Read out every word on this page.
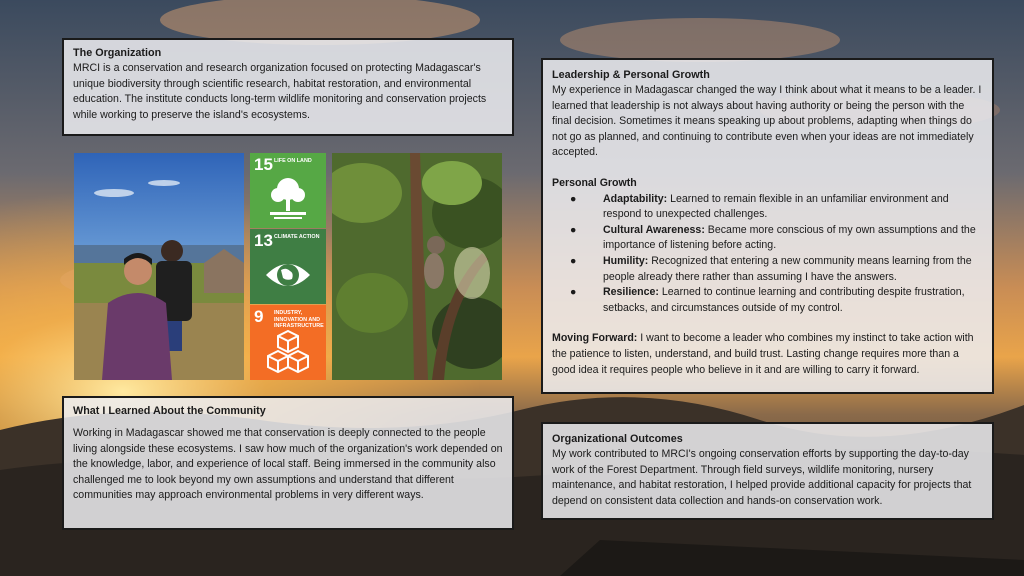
The Organization

MRCI is a conservation and research organization focused on protecting Madagascar's unique biodiversity through scientific research, habitat restoration, and environmental education. The institute conducts long-term wildlife monitoring and conservation projects while working to preserve the island's ecosystems.

15 LIFE ON LAND
13 CLIMATE ACTION
9 INDUSTRY, INNOVATION AND INFRASTRUCTURE
What I Learned About the Community

Working in Madagascar showed me that conservation is deeply connected to the people living alongside these ecosystems. I saw how much of the organization's work depended on the knowledge, labor, and experience of local staff. Being immersed in the community also challenged me to look beyond my own assumptions and understand that different communities may approach environmental problems in very different ways.

Leadership & Personal Growth

My experience in Madagascar changed the way I think about what it means to be a leader. I learned that leadership is not always about having authority or being the person with the final decision. Sometimes it means speaking up about problems, adapting when things do not go as planned, and continuing to contribute even when your ideas are not immediately accepted.

Personal Growth
●	Adaptability: Learned to remain flexible in an unfamiliar environment and respond to unexpected challenges.
●	Cultural Awareness: Became more conscious of my own assumptions and the importance of listening before acting.
●	Humility: Recognized that entering a new community means learning from the people already there rather than assuming I have the answers.
●	Resilience: Learned to continue learning and contributing despite frustration, setbacks, and circumstances outside of my control.

Moving Forward: I want to become a leader who combines my instinct to take action with the patience to listen, understand, and build trust. Lasting change requires more than a good idea it requires people who believe in it and are willing to carry it forward.

Organizational Outcomes

My work contributed to MRCI's ongoing conservation efforts by supporting the day-to-day work of the Forest Department. Through field surveys, wildlife monitoring, nursery maintenance, and habitat restoration, I helped provide additional capacity for projects that depend on consistent data collection and hands-on conservation work.
